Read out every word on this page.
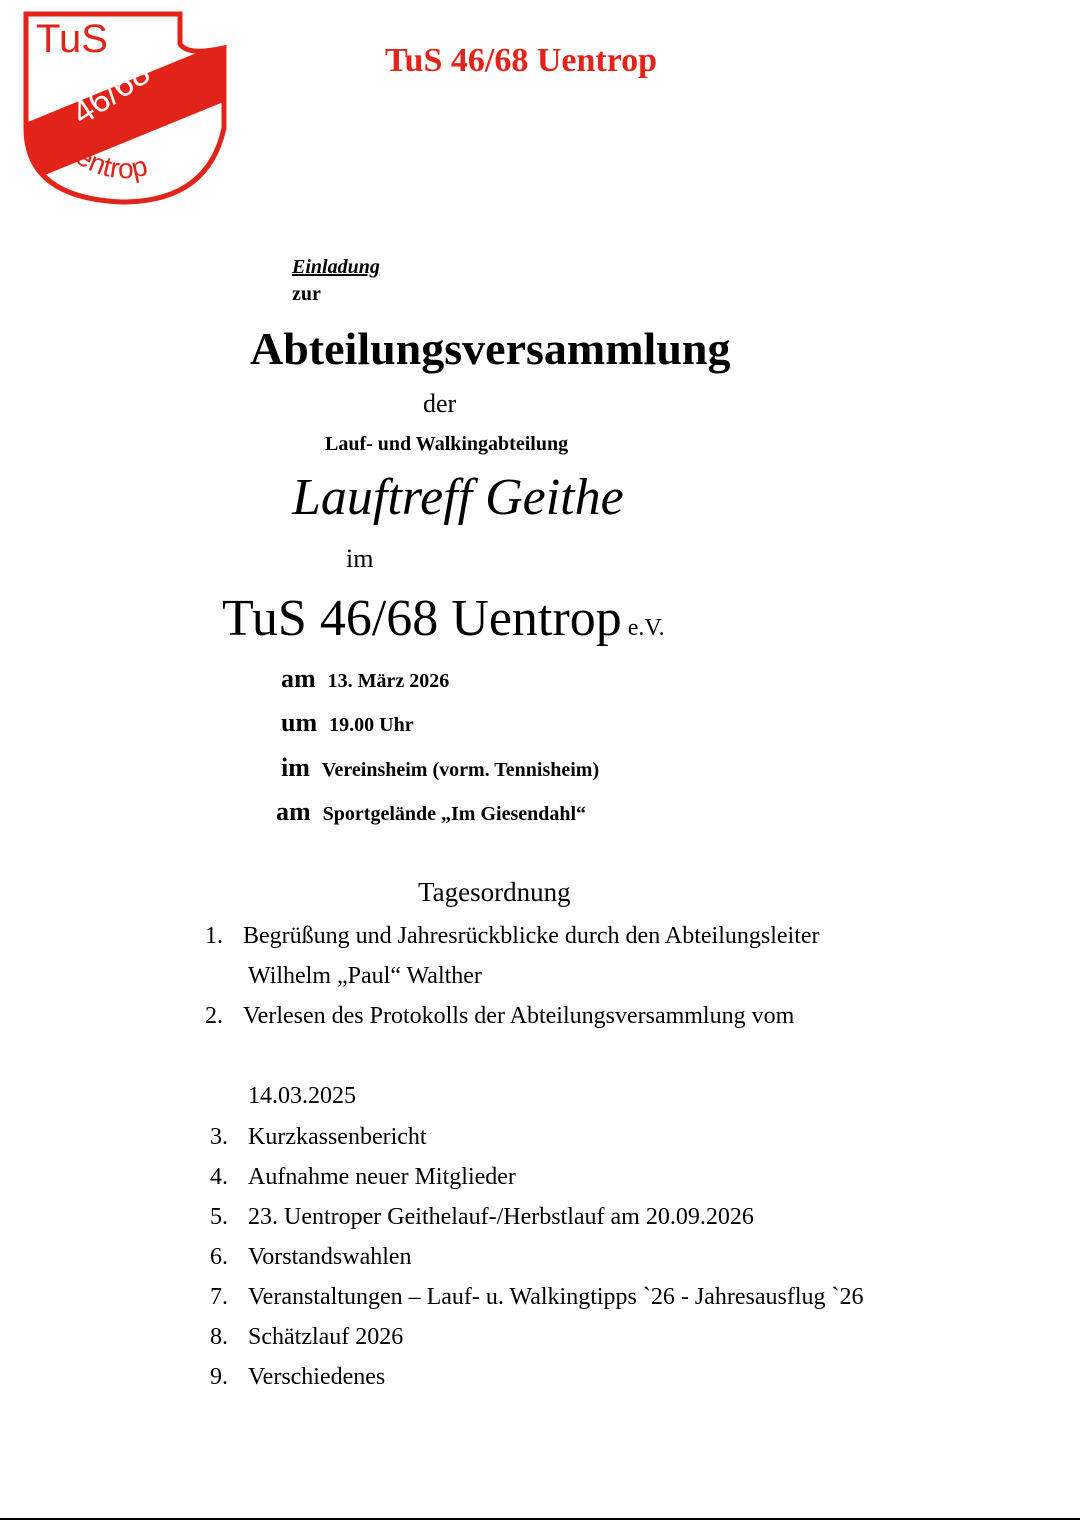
TuS
46/68
Uentrop
TuS 46/68 Uentrop
Einladung
zur
Abteilungsversammlung
der
Lauf- und Walkingabteilung
Lauftreff Geithe
im
TuS 46/68 Uentrop e.V.
am 13. März 2026
um 19.00 Uhr
im Vereinsheim (vorm. Tennisheim)
am Sportgelände „Im Giesendahl“
Tagesordnung
1. Begrüßung und Jahresrückblicke durch den Abteilungsleiter
Wilhelm „Paul“ Walther
2. Verlesen des Protokolls der Abteilungsversammlung vom
14.03.2025
3. Kurzkassenbericht
4. Aufnahme neuer Mitglieder
5. 23. Uentroper Geithelauf-/Herbstlauf am 20.09.2026
6. Vorstandswahlen
7. Veranstaltungen – Lauf- u. Walkingtipps `26 - Jahresausflug `26
8. Schätzlauf 2026
9. Verschiedenes
